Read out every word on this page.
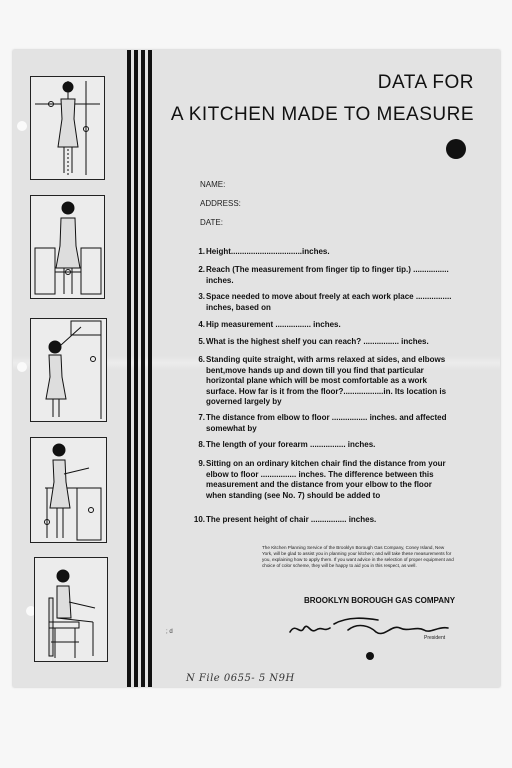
DATA FOR
A KITCHEN MADE TO MEASURE
NAME:
ADDRESS:
DATE:
1. Height................................inches.
2. Reach (The measurement from finger tip to finger tip.) ................ inches.
3. Space needed to move about freely at each work place ................ inches, based on
4. Hip measurement ................ inches.
5. What is the highest shelf you can reach? ................ inches.
6. Standing quite straight, with arms relaxed at sides, and elbows bent,move hands up and down till you find that particular horizontal plane which will be most comfortable as a work surface. How far is it from the floor?..................in. Its location is governed largely by
7. The distance from elbow to floor ................ inches. and affected somewhat by
8. The length of your forearm ................ inches.
9. Sitting on an ordinary kitchen chair find the distance from your elbow to floor ................ inches. The difference between this measurement and the distance from your elbow to the floor when standing (see No. 7) should be added to
10. The present height of chair ................ inches.
The Kitchen Planning Service of the Brooklyn Borough Gas Company, Coney Island, New York, will be glad to assist you in planning your kitchen; and will take these measurements for you, explaining how to apply them. If you want advice in the selection of proper equipment and choice of color scheme, they will be happy to aid you in this respect, as well.
BROOKLYN BOROUGH GAS COMPANY
President
; d
N File 0655- 5 N9H
